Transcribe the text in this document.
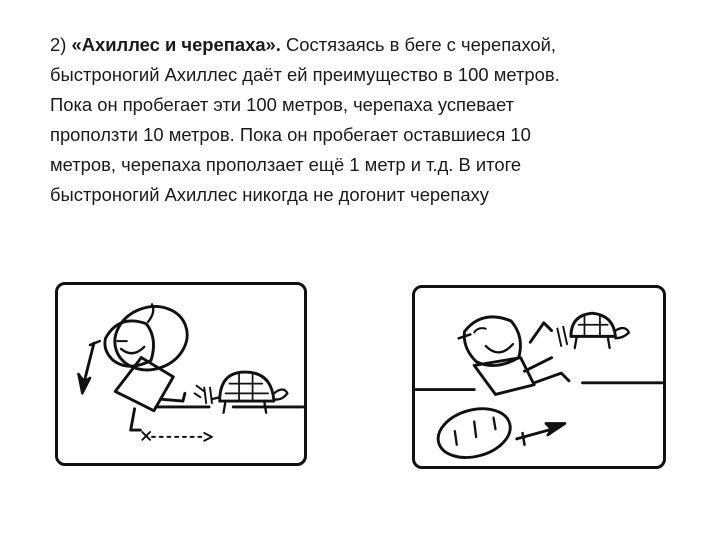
2) «Ахиллес и черепаха». Состязаясь в беге с черепахой,
быстроногий Ахиллес даёт ей преимущество в 100 метров.
Пока он пробегает эти 100 метров, черепаха успевает
проползти 10 метров. Пока он пробегает оставшиеся 10
метров, черепаха проползает ещё 1 метр и т.д. В итоге
быстроногий Ахиллес никогда не догонит черепаху
